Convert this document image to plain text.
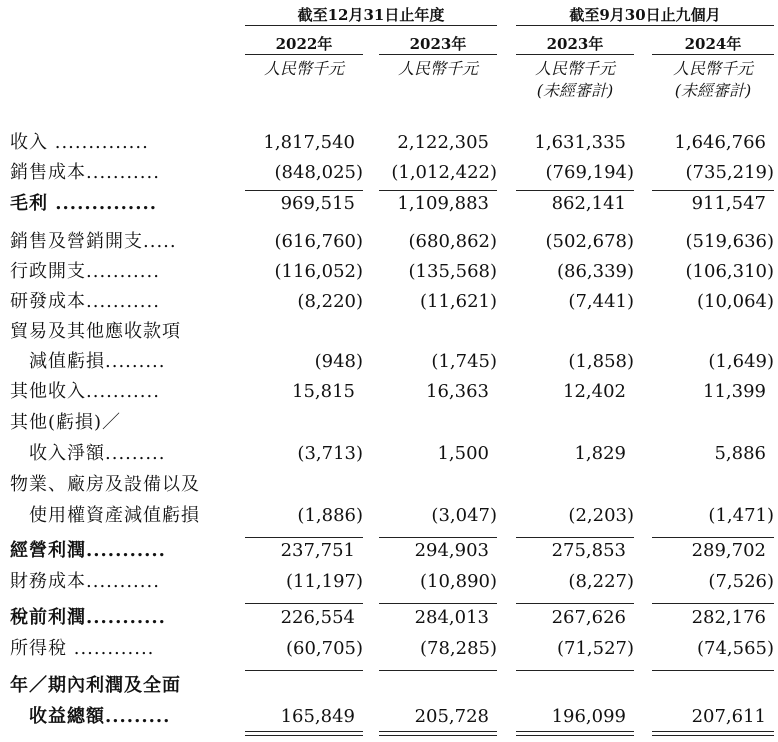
截至12月31日止年度	截至9月30日止九個月
2022年	2023年	2023年	2024年
人民幣千元	人民幣千元	人民幣千元	人民幣千元
(未經審計)	(未經審計)
收入 ..............	1,817,540	2,122,305	1,631,335	1,646,766
銷售成本...........	(848,025)	(1,012,422)	(769,194)	(735,219)
毛利 ..............	969,515	1,109,883	862,141	911,547
銷售及營銷開支.....	(616,760)	(680,862)	(502,678)	(519,636)
行政開支...........	(116,052)	(135,568)	(86,339)	(106,310)
研發成本...........	(8,220)	(11,621)	(7,441)	(10,064)
貿易及其他應收款項
　減值虧損.........	(948)	(1,745)	(1,858)	(1,649)
其他收入...........	15,815	16,363	12,402	11,399
其他(虧損)／
　收入淨額.........	(3,713)	1,500	1,829	5,886
物業、廠房及設備以及
　使用權資產減值虧損	(1,886)	(3,047)	(2,203)	(1,471)
經營利潤...........	237,751	294,903	275,853	289,702
財務成本...........	(11,197)	(10,890)	(8,227)	(7,526)
稅前利潤...........	226,554	284,013	267,626	282,176
所得稅 ............	(60,705)	(78,285)	(71,527)	(74,565)
年／期內利潤及全面
　收益總額.........	165,849	205,728	196,099	207,611
